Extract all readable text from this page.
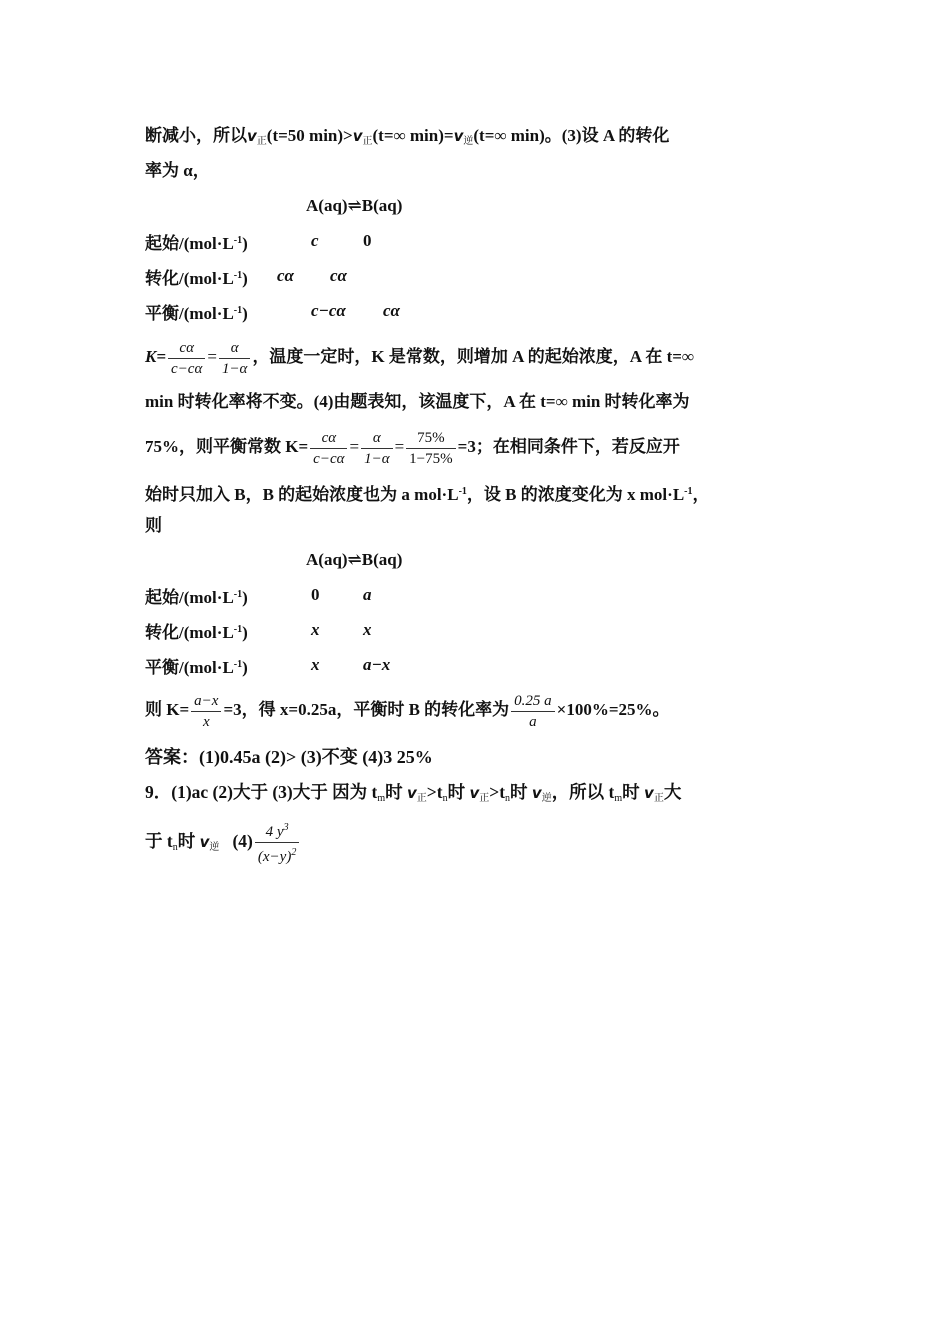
断减小，所以$v_正(t=50$ $\min)>v_正(t=\infty$ $\min)=v_逆(t=\infty$ min)。(3)设 A 的转化
率为 α，
A(aq)⇌B(aq)
起始$/(mol\cdot L^{-1})$	c	0
转化$/(mol\cdot L^{-1})$ cα cα
平衡$/(mol\cdot L^{-1})$	c−cα cα
$K= \frac{c\alpha}{c-c\alpha} = \frac{\alpha}{1-\alpha}$ ，温度一定时，K 是常数，则增加 A 的起始浓度，A 在 t=∞
min 时转化率将不变。(4)由题表知，该温度下，A 在 t=∞ min 时转化率为
75%，则平衡常数 $K= \frac{c\alpha}{c-c\alpha} = \frac{\alpha}{1-\alpha} = \frac{75\%}{1-75\%} =3$；在相同条件下，若反应开
始时只加入 B，B 的起始浓度也为 a $mol\cdot L^{-1}$，设 B 的浓度变化为 x $mol\cdot L^{-1}$，
则
A(aq)⇌B(aq)
起始$/(mol\cdot L^{-1})$	0	a
转化$/(mol\cdot L^{-1})$	x	x
平衡$/(mol\cdot L^{-1})$	x	a−x
则 $K= \frac{a-x}{x} =3$，得 x=0.25a，平衡时 B 的转化率为 $\frac{0.25 a}{a} \times 100\%=25\%$。
答案：(1)0.45a (2)> (3)不变 (4)3 25%
9．(1)ac (2)大于 (3)大于 因为 $t_m$时 $v_正>t_n$时 $v_正>t_n$时 $v_逆$，所以 $t_m$时 $v_正$大
于 $t_n$时 $v_逆$   $(4) \frac{4 y^3}{(x-y)^2}$
